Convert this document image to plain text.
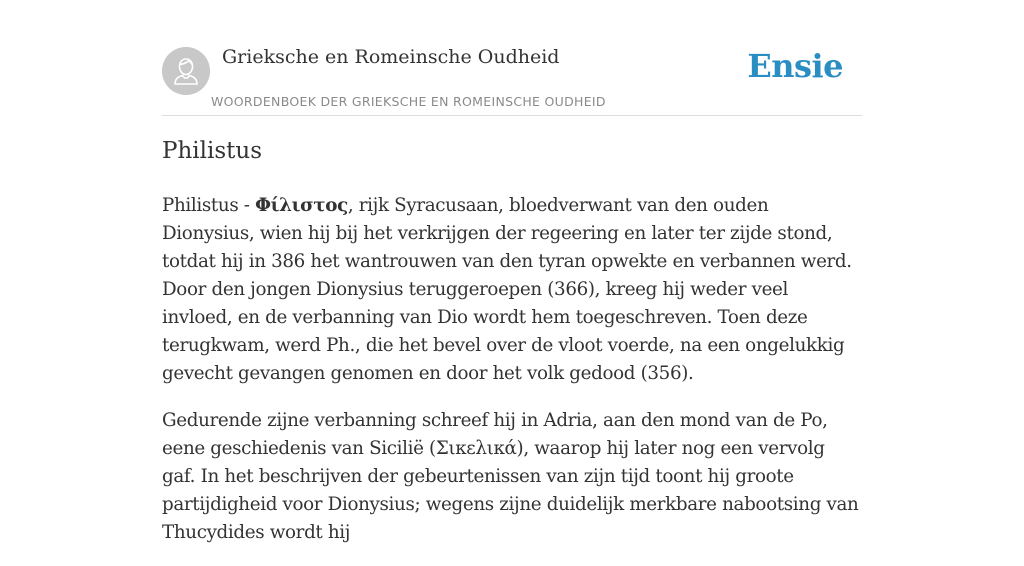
Grieksche en Romeinsche Oudheid
WOORDENBOEK DER GRIEKSCHE EN ROMEINSCHE OUDHEID
Ensie
Philistus

Philistus - Φίλιστος, rijk Syracusaan, bloedverwant van den ouden Dionysius, wien hij bij het verkrijgen der regeering en later ter zijde stond, totdat hij in 386 het wantrouwen van den tyran opwekte en verbannen werd. Door den jongen Dionysius teruggeroepen (366), kreeg hij weder veel invloed, en de verbanning van Dio wordt hem toegeschreven. Toen deze terugkwam, werd Ph., die het bevel over de vloot voerde, na een ongelukkig gevecht gevangen genomen en door het volk gedood (356).

Gedurende zijne verbanning schreef hij in Adria, aan den mond van de Po, eene geschiedenis van Sicilië (Σικελικά), waarop hij later nog een vervolg gaf. In het beschrijven der gebeurtenissen van zijn tijd toont hij groote partijdigheid voor Dionysius; wegens zijne duidelijk merkbare nabootsing van Thucydides wordt hij
